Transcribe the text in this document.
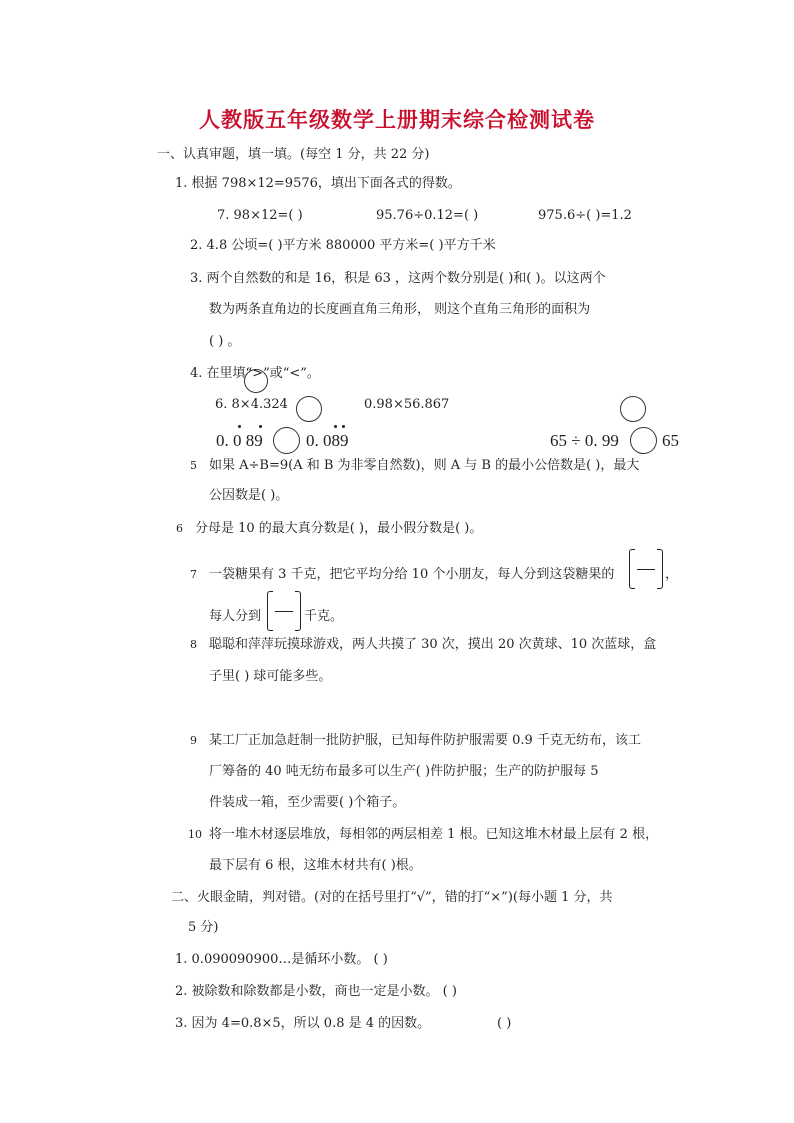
人教版五年级数学上册期末综合检测试卷
一、认真审题，填一填。(每空 1 分，共 22 分)
1. 根据 798×12=9576，填出下面各式的得数。
7. 98×12=( )	95.76÷0.12=( )	975.6÷( )=1.2
2. 4.8 公顷=( )平方米 880000 平方米=( )平方千米
3. 两个自然数的和是 16，积是 63 ，这两个数分别是( )和( )。以这两个
数为两条直角边的长度画直角三角形， 则这个直角三角形的面积为
( ) 。
4. 在里填“>”或“<”。
6. 8×4.324	0.98×56.867
0. 0 89	0. 089	65 ÷ 0. 99	65
5 如果 A÷B=9(A 和 B 为非零自然数)，则 A 与 B 的最小公倍数是( )，最大
公因数是( )。
6 分母是 10 的最大真分数是( )，最小假分数是( )。
7 一袋糖果有 3 千克，把它平均分给 10 个小朋友，每人分到这袋糖果的	，
每人分到	千克。
8 聪聪和萍萍玩摸球游戏，两人共摸了 30 次，摸出 20 次黄球、10 次蓝球，盒
子里( ) 球可能多些。
9 某工厂正加急赶制一批防护服，已知每件防护服需要 0.9 千克无纺布，该工
厂筹备的 40 吨无纺布最多可以生产( )件防护服；生产的防护服每 5
件装成一箱，至少需要( )个箱子。
10 将一堆木材逐层堆放，每相邻的两层相差 1 根。已知这堆木材最上层有 2 根，
最下层有 6 根，这堆木材共有( )根。
二、火眼金睛，判对错。(对的在括号里打“√”，错的打“×”)(每小题 1 分，共
5 分)
1. 0.090090900…是循环小数。 ( )
2. 被除数和除数都是小数，商也一定是小数。 ( )
3. 因为 4=0.8×5，所以 0.8 是 4 的因数。	( )
